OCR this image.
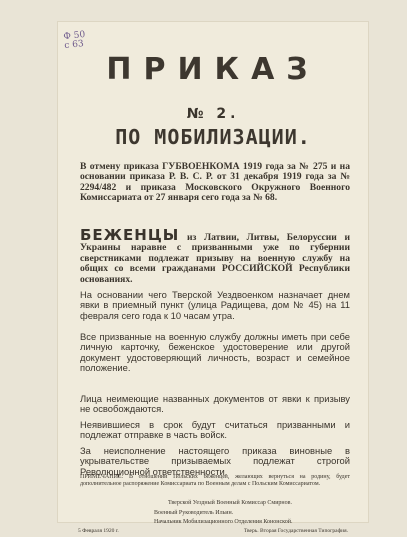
Ф 50
с 63
ПРИКАЗ
№ 2.
ПО МОБИЛИЗАЦИИ.
В отмену приказа ГУБВОЕНКОМА 1919 года за № 275 и на основании приказа Р. В. С. Р. от 31 декабря 1919 года за № 2294/482 и приказа Московского Окружного Военного Комиссариата от 27 января сего года за № 68.
БЕЖЕНЦЫ из Латвии, Литвы, Белоруссии и Украины наравне с призванными уже по губернии сверстниками подлежат призыву на военную службу на общих со всеми гражданами РОССИЙСКОЙ Республики основаниях.
На основании чего Тверской Уездвоенком назначает днем явки в приемный пункт (улица Радищева, дом № 45) на 11 февраля сего года к 10 часам утра.
Все призванные на военную службу должны иметь при себе личную карточку, беженское удостоверение или другой документ удостоверяющий личность, возраст и семейное положение.
Лица неимеющие названных документов от явки к призыву не освобождаются.
Неявившиеся в срок будут считаться призванными и подлежат отправке в часть войск.
За неисполнение настоящего приказа виновные в укрывательстве призываемых подлежат строгой Революционной ответственности.
ПРИМЕЧАНИЕ: В отношении Польских беженцев, желающих вернуться на родину, будет дополнительное распоряжение Комиссариата по Военным делам с Польским Комиссариатом.
Тверской Уездный Военный Комиссар Смирнов.
Военный Руководитель Ильин.
Начальник Мобилизационного Отделения Кононской.
5 Февраля 1920 г.	Тверь. Вторая Государственная Типография.
